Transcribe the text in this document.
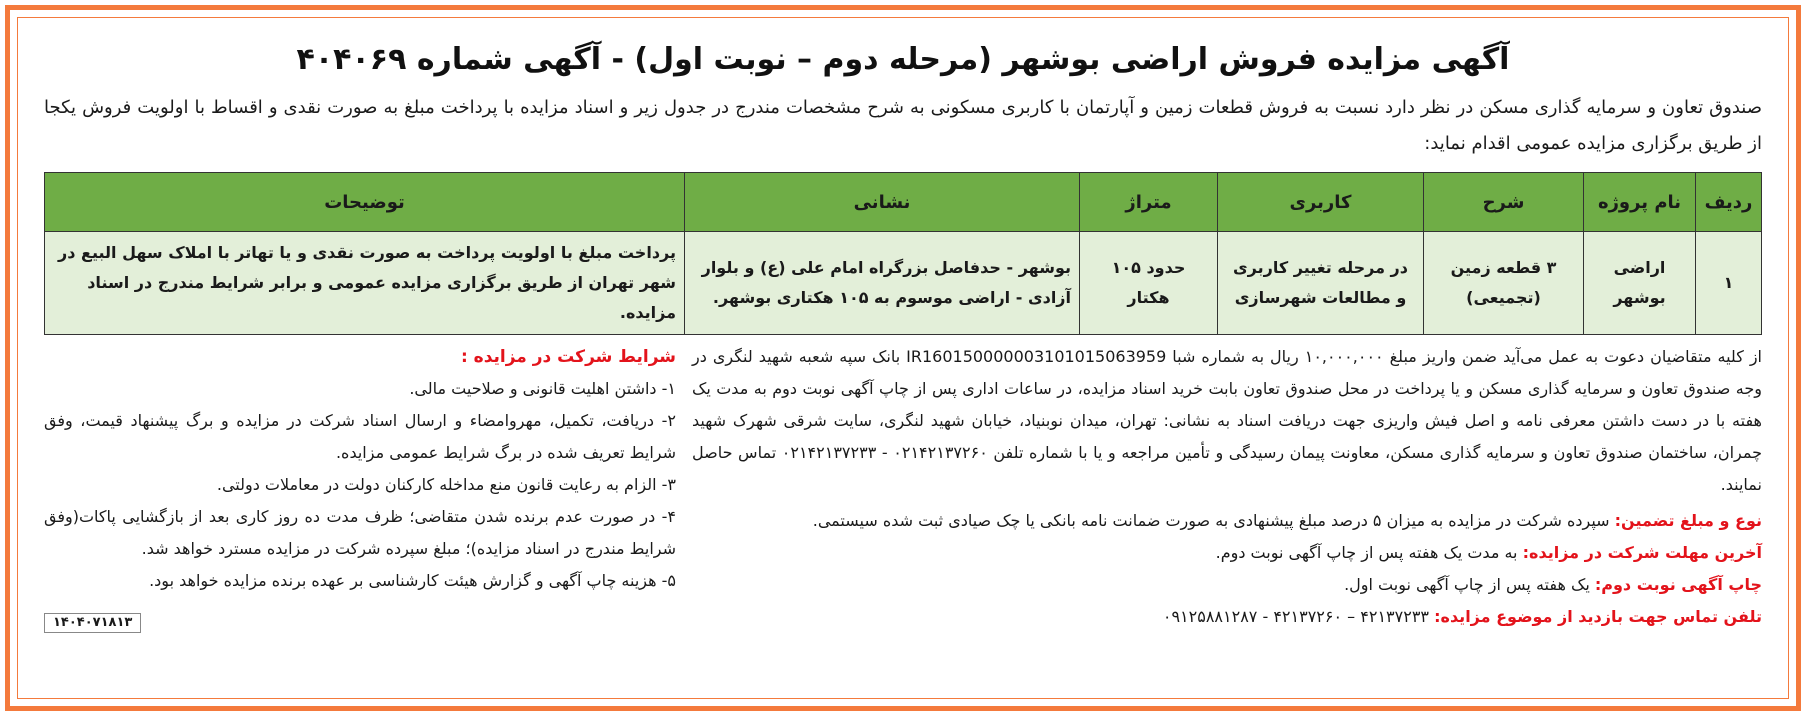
آگهی مزایده فروش اراضی بوشهر (مرحله دوم – نوبت اول) - آگهی شماره ۴۰۴۰۶۹
صندوق تعاون و سرمایه گذاری مسکن در نظر دارد نسبت به فروش قطعات زمین و آپارتمان با کاربری مسکونی به شرح مشخصات مندرج در جدول زیر و اسناد مزایده با پرداخت مبلغ به صورت نقدی و اقساط با اولویت فروش یکجا از طریق برگزاری مزایده عمومی اقدام نماید:
ردیف	نام پروژه	شرح	کاربری	متراژ	نشانی	توضیحات
۱	اراضی بوشهر	۳ قطعه زمین (تجمیعی)	در مرحله تغییر کاربری و مطالعات شهرسازی	حدود ۱۰۵ هکتار	بوشهر - حدفاصل بزرگراه امام علی (ع) و بلوار آزادی - اراضی موسوم به ۱۰۵ هکتاری بوشهر.	پرداخت مبلغ با اولویت پرداخت به صورت نقدی و یا تهاتر با املاک سهل البیع در شهر تهران از طریق برگزاری مزایده عمومی و برابر شرایط مندرج در اسناد مزایده.

از کلیه متقاضیان دعوت به عمل می‌آید ضمن واریز مبلغ ۱۰,۰۰۰,۰۰۰ ریال به شماره شبا IR160150000003101015063959 بانک سپه شعبه شهید لنگری در وجه صندوق تعاون و سرمایه گذاری مسکن و یا پرداخت در محل صندوق تعاون بابت خرید اسناد مزایده، در ساعات اداری پس از چاپ آگهی نوبت دوم به مدت یک هفته با در دست داشتن معرفی نامه و اصل فیش واریزی جهت دریافت اسناد به نشانی: تهران، میدان نوبنیاد، خیابان شهید لنگری، سایت شرقی شهرک شهید چمران، ساختمان صندوق تعاون و سرمایه گذاری مسکن، معاونت پیمان رسیدگی و تأمین مراجعه و یا با شماره تلفن ۰۲۱۴۲۱۳۷۲۶۰ - ۰۲۱۴۲۱۳۷۲۳۳ تماس حاصل نمایند.

نوع و مبلغ تضمین: سپرده شرکت در مزایده به میزان ۵ درصد مبلغ پیشنهادی به صورت ضمانت نامه بانکی یا چک صیادی ثبت شده سیستمی.

آخرین مهلت شرکت در مزایده: به مدت یک هفته پس از چاپ آگهی نوبت دوم.

چاپ آگهی نوبت دوم: یک هفته پس از چاپ آگهی نوبت اول.

تلفن تماس جهت بازدید از موضوع مزایده: ۴۲۱۳۷۲۳۳ – ۴۲۱۳۷۲۶۰ - ۰۹۱۲۵۸۸۱۲۸۷

شرایط شرکت در مزایده :

۱- داشتن اهلیت قانونی و صلاحیت مالی.

۲- دریافت، تکمیل، مهروامضاء و ارسال اسناد شرکت در مزایده و برگ پیشنهاد قیمت، وفق شرایط تعریف شده در برگ شرایط عمومی مزایده.

۳- الزام به رعایت قانون منع مداخله کارکنان دولت در معاملات دولتی.

۴- در صورت عدم برنده شدن متقاضی؛ ظرف مدت ده روز کاری بعد از بازگشایی پاکات(وفق شرایط مندرج در اسناد مزایده)؛ مبلغ سپرده شرکت در مزایده مسترد خواهد شد.

۵- هزینه چاپ آگهی و گزارش هیئت کارشناسی بر عهده برنده مزایده خواهد بود.

۱۴۰۴۰۷۱۸۱۳
